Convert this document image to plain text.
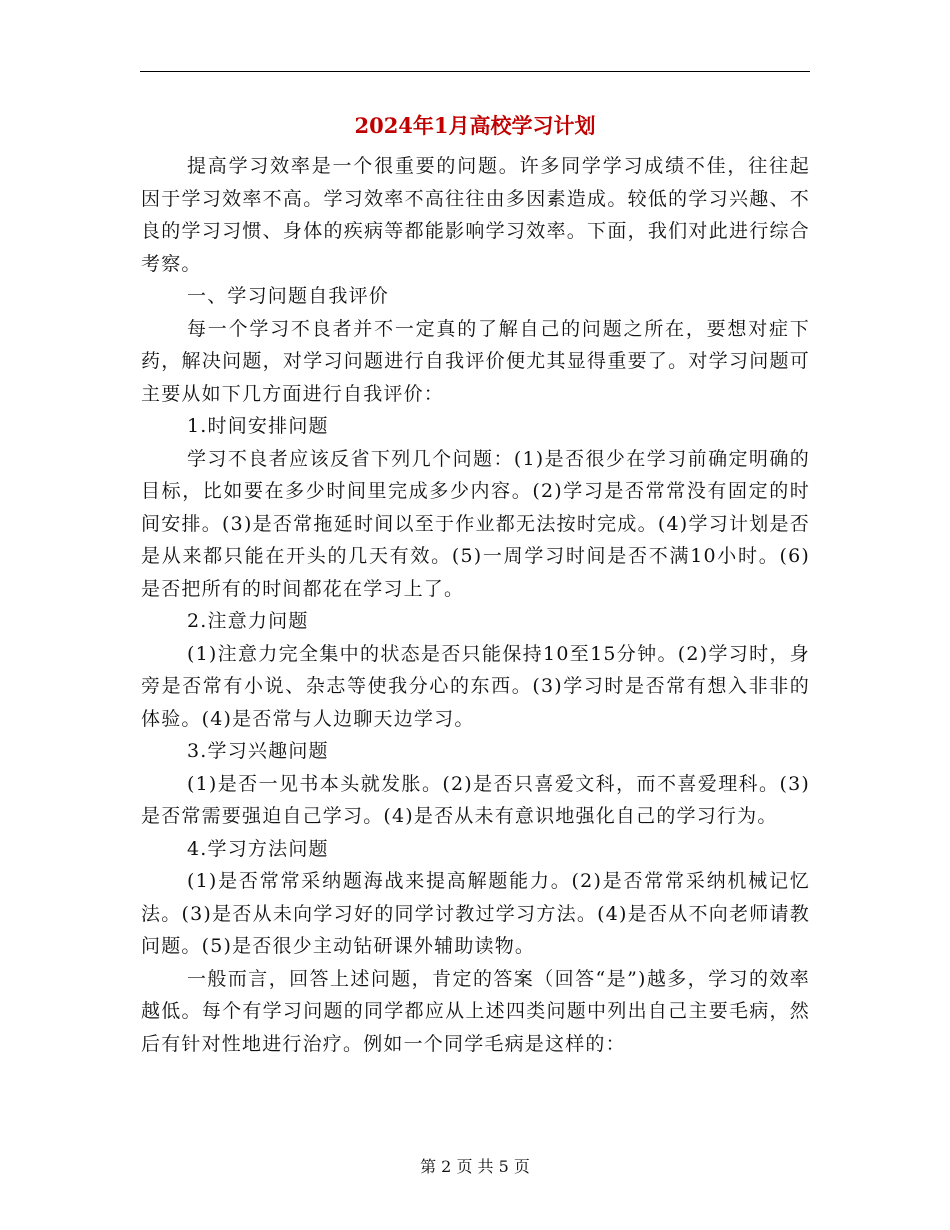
2024年1月高校学习计划

提高学习效率是一个很重要的问题。许多同学学习成绩不佳，往往起因于学习效率不高。学习效率不高往往由多因素造成。较低的学习兴趣、不良的学习习惯、身体的疾病等都能影响学习效率。下面，我们对此进行综合考察。

一、学习问题自我评价

每一个学习不良者并不一定真的了解自己的问题之所在，要想对症下药，解决问题，对学习问题进行自我评价便尤其显得重要了。对学习问题可主要从如下几方面进行自我评价：

1.时间安排问题

学习不良者应该反省下列几个问题：(1)是否很少在学习前确定明确的目标，比如要在多少时间里完成多少内容。(2)学习是否常常没有固定的时间安排。(3)是否常拖延时间以至于作业都无法按时完成。(4)学习计划是否是从来都只能在开头的几天有效。(5)一周学习时间是否不满10小时。(6)是否把所有的时间都花在学习上了。

2.注意力问题

(1)注意力完全集中的状态是否只能保持10至15分钟。(2)学习时，身旁是否常有小说、杂志等使我分心的东西。(3)学习时是否常有想入非非的体验。(4)是否常与人边聊天边学习。

3.学习兴趣问题

(1)是否一见书本头就发胀。(2)是否只喜爱文科，而不喜爱理科。(3)是否常需要强迫自己学习。(4)是否从未有意识地强化自己的学习行为。

4.学习方法问题

(1)是否常常采纳题海战来提高解题能力。(2)是否常常采纳机械记忆法。(3)是否从未向学习好的同学讨教过学习方法。(4)是否从不向老师请教问题。(5)是否很少主动钻研课外辅助读物。

一般而言，回答上述问题，肯定的答案（回答“是”)越多，学习的效率越低。每个有学习问题的同学都应从上述四类问题中列出自己主要毛病，然后有针对性地进行治疗。例如一个同学毛病是这样的：

第 2 页 共 5 页
